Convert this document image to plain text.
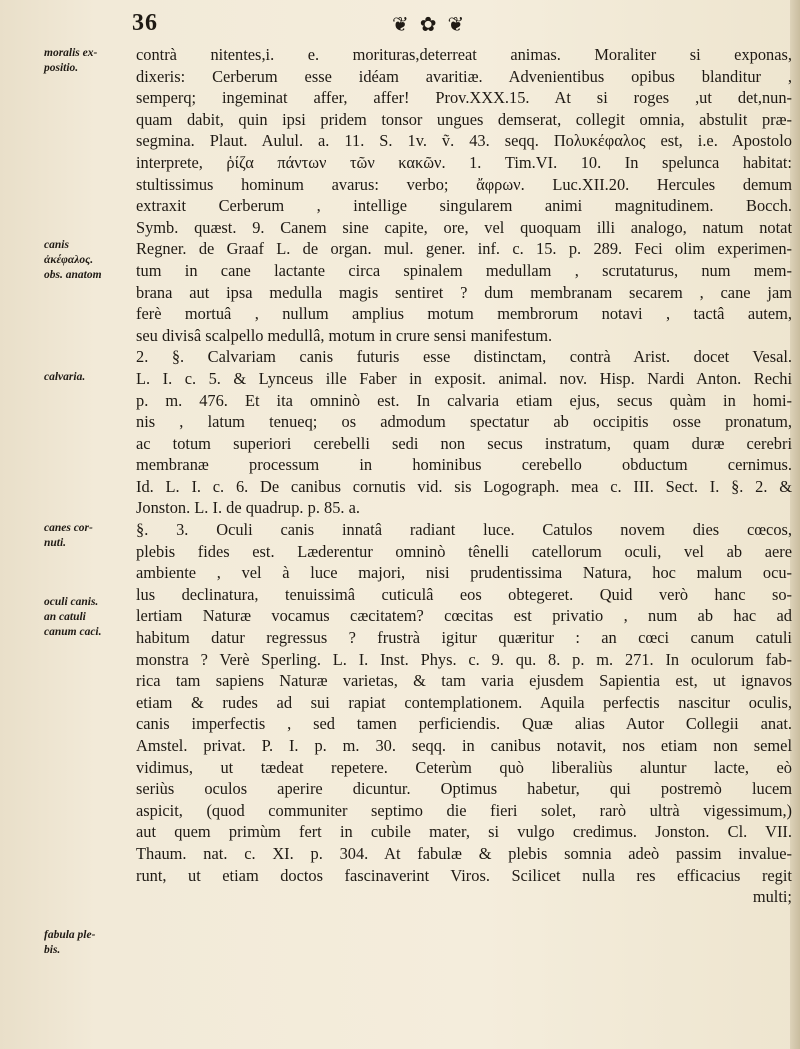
36	❦ ✿ ❦
moralis ex-
positio.
canis
ἀκέφαλος.
obs. anatom
calvaria.
canes cor-
nuti.
oculi canis.
an catuli
canum caci.
fabula ple-
bis.
contrà nitentes,i. e. morituras,deterreat animas. Moraliter si exponas,
dixeris: Cerberum esse idéam avaritiæ. Advenientibus opibus blanditur ,
semperq; ingeminat affer, affer! Prov.XXX.15. At si roges ,ut det,nun-
quam dabit, quin ipsi pridem tonsor ungues demserat, collegit omnia, abstulit præ-
segmina. Plaut. Aulul. a. 11. S. 1v. ṽ. 43. seqq. Πολυκέφαλος est, i.e. Apostolo
interprete, ῥίζα πάντων τῶν κακῶν. 1. Tim.VI. 10. In spelunca habitat:
stultissimus hominum avarus: verbo; ἄφρων. Luc.XII.20. Hercules demum
extraxit Cerberum , intellige singularem animi magnitudinem. Bocch.
Symb. quæst. 9. Canem sine capite, ore, vel quoquam illi analogo, natum notat
Regner. de Graaf L. de organ. mul. gener. inf. c. 15. p. 289. Feci olim experimen-
tum in cane lactante circa spinalem medullam , scrutaturus, num mem-
brana aut ipsa medulla magis sentiret ? dum membranam secarem , cane jam
ferè mortuâ , nullum amplius motum membrorum notavi , tactâ autem,
seu divisâ scalpello medullâ, motum in crure sensi manifestum.
2. §. Calvariam canis futuris esse distinctam, contrà Arist. docet Vesal.
L. I. c. 5. & Lynceus ille Faber in exposit. animal. nov. Hisp. Nardi Anton. Rechi
p. m. 476. Et ita omninò est. In calvaria etiam ejus, secus quàm in homi-
nis , latum tenueq; os admodum spectatur ab occipitis osse pronatum,
ac totum superiori cerebelli sedi non secus instratum, quam duræ cerebri
membranæ processum in hominibus cerebello obductum cernimus.
Id. L. I. c. 6. De canibus cornutis vid. sis Logograph. mea c. III. Sect. I. §. 2. &
Jonston. L. I. de quadrup. p. 85. a.
§. 3. Oculi canis innatâ radiant luce. Catulos novem dies cœcos,
plebis fides est. Læderentur omninò tênelli catellorum oculi, vel ab aere
ambiente , vel à luce majori, nisi prudentissima Natura, hoc malum ocu-
lus declinatura, tenuissimâ cuticulâ eos obtegeret. Quid verò hanc so-
lertiam Naturæ vocamus cæcitatem? cœcitas est privatio , num ab hac ad
habitum datur regressus ? frustrà igitur quæritur : an cœci canum catuli
monstra ? Verè Sperling. L. I. Inst. Phys. c. 9. qu. 8. p. m. 271. In oculorum fab-
rica tam sapiens Naturæ varietas, & tam varia ejusdem Sapientia est, ut ignavos
etiam & rudes ad sui rapiat contemplationem. Aquila perfectis nascitur oculis,
canis imperfectis , sed tamen perficiendis. Quæ alias Autor Collegii anat.
Amstel. privat. P. I. p. m. 30. seqq. in canibus notavit, nos etiam non semel
vidimus, ut tædeat repetere. Ceterùm quò liberaliùs aluntur lacte, eò
seriùs oculos aperire dicuntur. Optimus habetur, qui postremò lucem
aspicit, (quod communiter septimo die fieri solet, rarò ultrà vigessimum,)
aut quem primùm fert in cubile mater, si vulgo credimus. Jonston. Cl. VII.
Thaum. nat. c. XI. p. 304. At fabulæ & plebis somnia adeò passim invalue-
runt, ut etiam doctos fascinaverint Viros. Scilicet nulla res efficacius regit
multi;
